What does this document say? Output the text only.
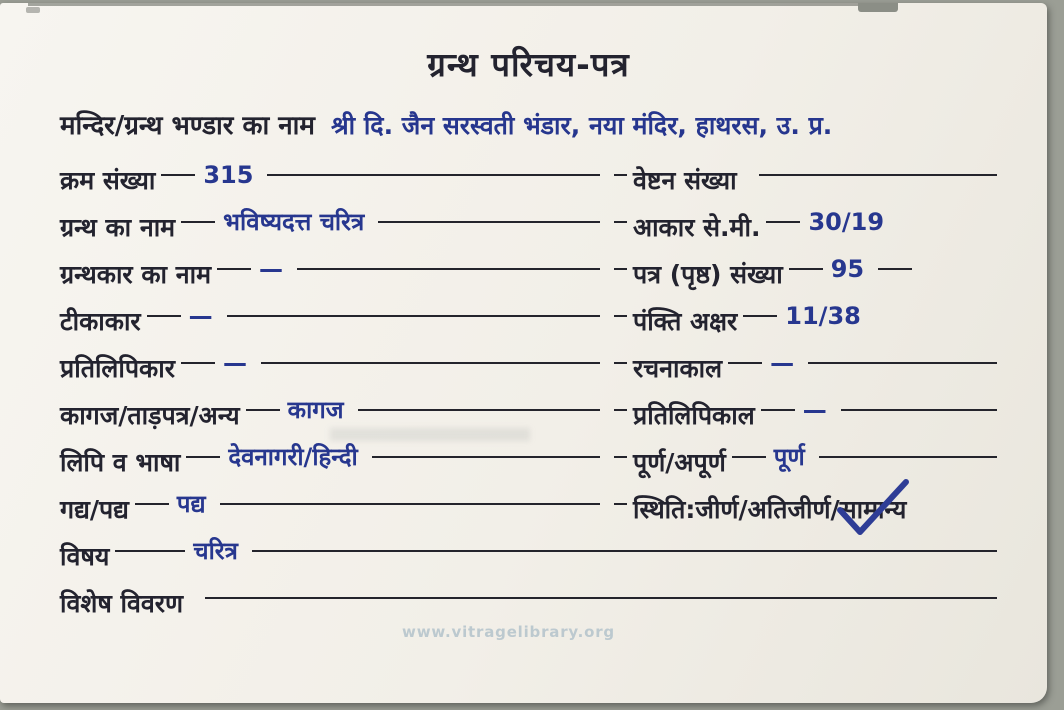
ग्रन्थ परिचय-पत्र
मन्दिर/ग्रन्थ भण्डार का नाम श्री दि. जैन सरस्वती भंडार, नया मंदिर, हाथरस, उ. प्र.
क्रम संख्या	315	वेष्टन संख्या
ग्रन्थ का नाम	भविष्यदत्त चरित्र	आकार से.मी.	30/19
ग्रन्थकार का नाम	—	पत्र (पृष्ठ) संख्या	95
टीकाकार	—	पंक्ति अक्षर	11/38
प्रतिलिपिकार	—	रचनाकाल	—
कागज/ताड़पत्र/अन्य	कागज	प्रतिलिपिकाल	—
लिपि व भाषा	देवनागरी/हिन्दी	पूर्ण/अपूर्ण	पूर्ण
गद्य/पद्य	पद्य	स्थिति:जीर्ण/अतिजीर्ण/ सामान्य
विषय	चरित्र
विशेष विवरण
www.vitragelibrary.org
